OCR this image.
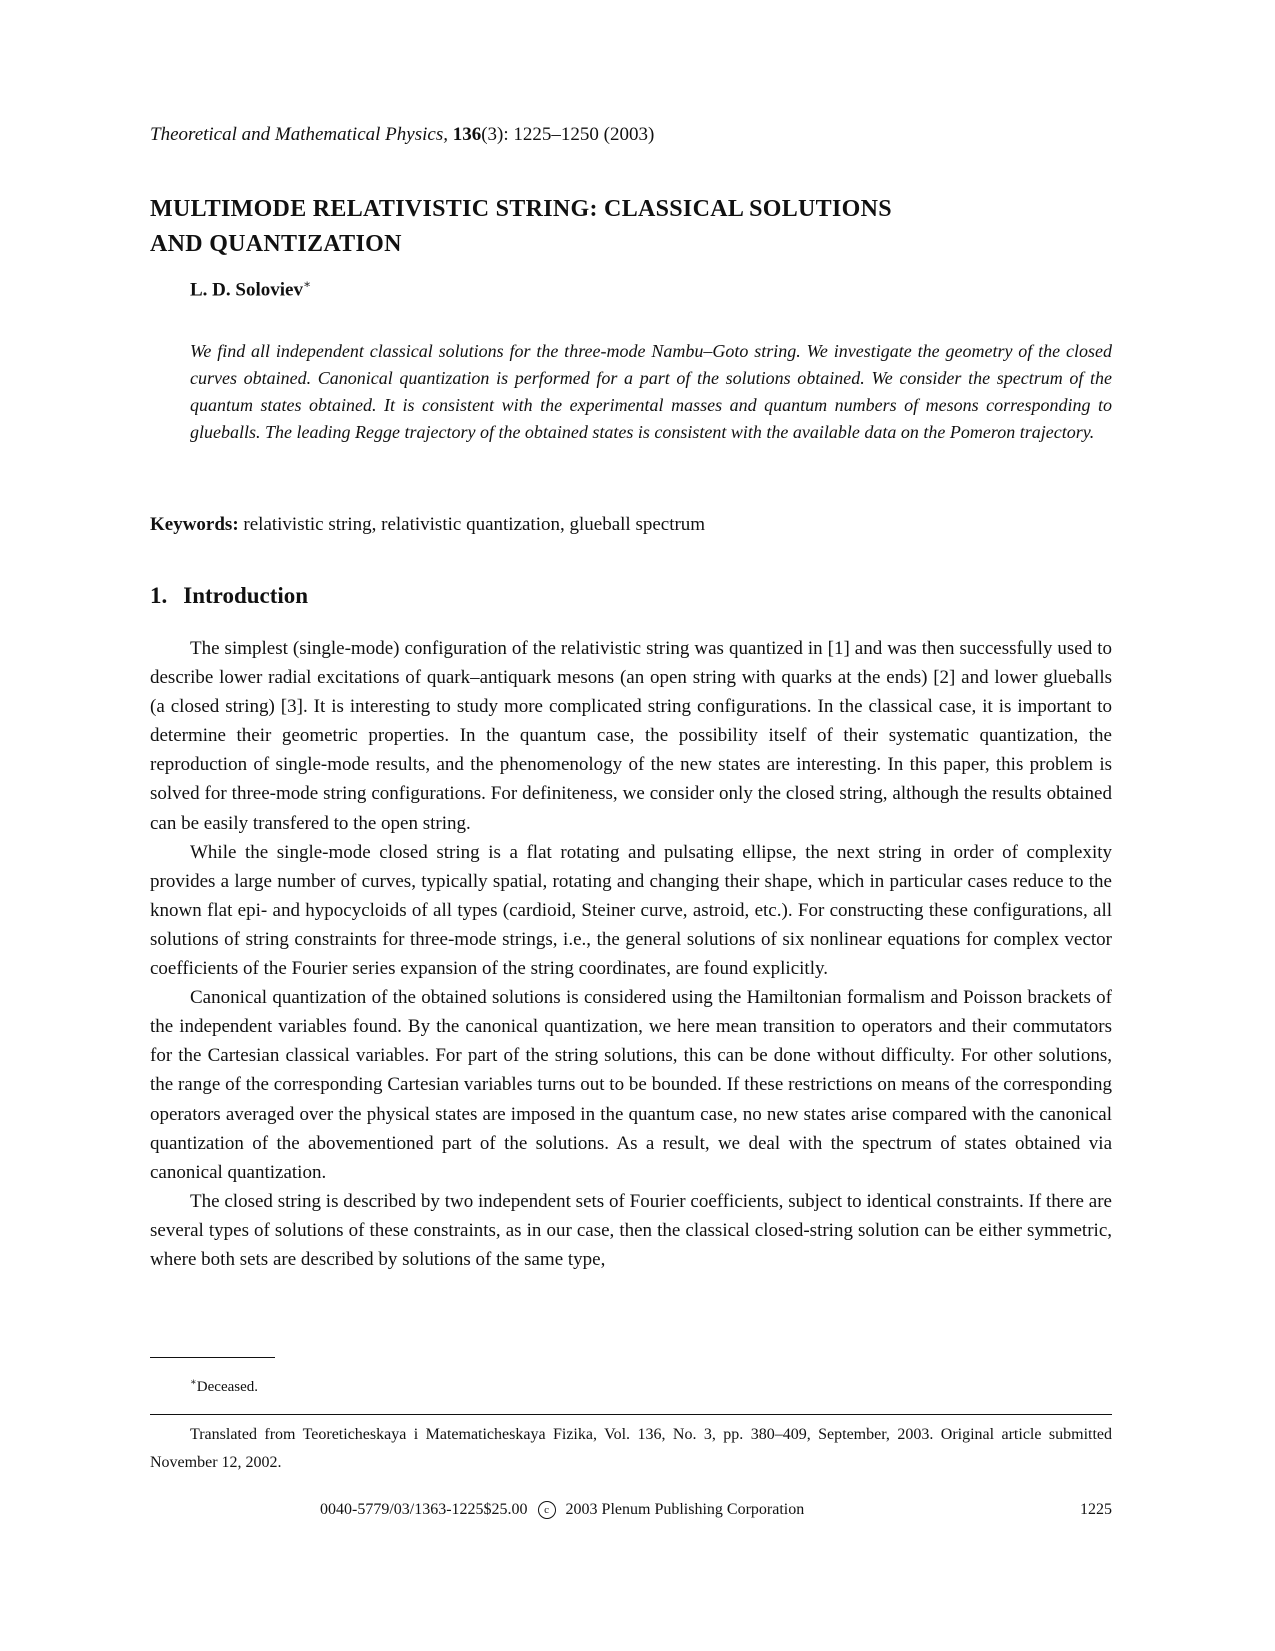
Theoretical and Mathematical Physics, 136(3): 1225–1250 (2003)
MULTIMODE RELATIVISTIC STRING: CLASSICAL SOLUTIONS
AND QUANTIZATION
L. D. Soloviev∗

We find all independent classical solutions for the three-mode Nambu–Goto string. We investigate the geometry of the closed curves obtained. Canonical quantization is performed for a part of the solutions obtained. We consider the spectrum of the quantum states obtained. It is consistent with the experimental masses and quantum numbers of mesons corresponding to glueballs. The leading Regge trajectory of the obtained states is consistent with the available data on the Pomeron trajectory.

Keywords: relativistic string, relativistic quantization, glueball spectrum
1. Introduction

The simplest (single-mode) configuration of the relativistic string was quantized in [1] and was then successfully used to describe lower radial excitations of quark–antiquark mesons (an open string with quarks at the ends) [2] and lower glueballs (a closed string) [3]. It is interesting to study more complicated string configurations. In the classical case, it is important to determine their geometric properties. In the quantum case, the possibility itself of their systematic quantization, the reproduction of single-mode results, and the phenomenology of the new states are interesting. In this paper, this problem is solved for three-mode string configurations. For definiteness, we consider only the closed string, although the results obtained can be easily transfered to the open string.

While the single-mode closed string is a flat rotating and pulsating ellipse, the next string in order of complexity provides a large number of curves, typically spatial, rotating and changing their shape, which in particular cases reduce to the known flat epi- and hypocycloids of all types (cardioid, Steiner curve, astroid, etc.). For constructing these configurations, all solutions of string constraints for three-mode strings, i.e., the general solutions of six nonlinear equations for complex vector coefficients of the Fourier series expansion of the string coordinates, are found explicitly.

Canonical quantization of the obtained solutions is considered using the Hamiltonian formalism and Poisson brackets of the independent variables found. By the canonical quantization, we here mean transition to operators and their commutators for the Cartesian classical variables. For part of the string solutions, this can be done without difficulty. For other solutions, the range of the corresponding Cartesian variables turns out to be bounded. If these restrictions on means of the corresponding operators averaged over the physical states are imposed in the quantum case, no new states arise compared with the canonical quantization of the abovementioned part of the solutions. As a result, we deal with the spectrum of states obtained via canonical quantization.

The closed string is described by two independent sets of Fourier coefficients, subject to identical constraints. If there are several types of solutions of these constraints, as in our case, then the classical closed-string solution can be either symmetric, where both sets are described by solutions of the same type,

∗Deceased.

Translated from Teoreticheskaya i Matematicheskaya Fizika, Vol. 136, No. 3, pp. 380–409, September, 2003. Original article submitted November 12, 2002.

0040-5779/03/1363-1225$25.00 c 2003 Plenum Publishing Corporation	1225
